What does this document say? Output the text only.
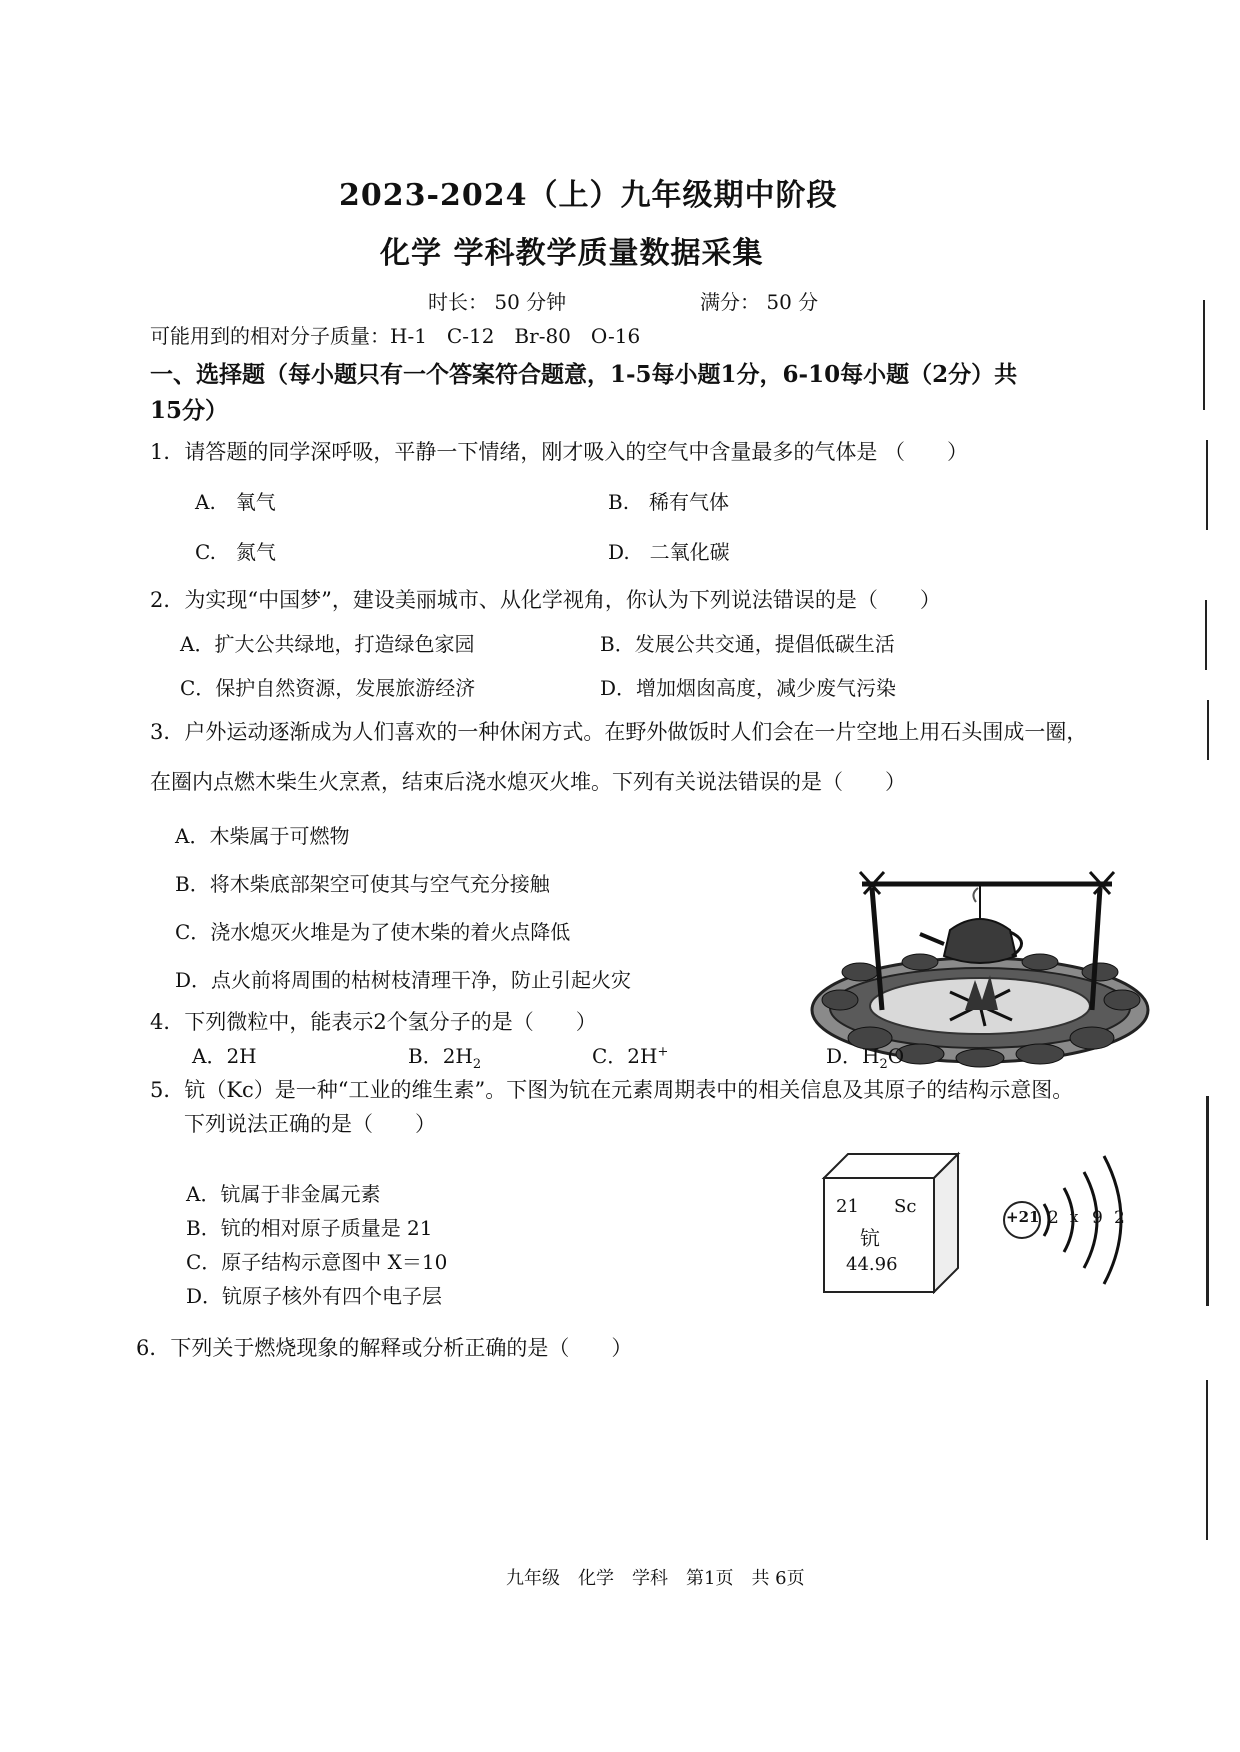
2023-2024（上）九年级期中阶段
化学 学科教学质量数据采集
时长： 50 分钟	满分： 50 分
可能用到的相对分子质量：H-1　C-12　Br-80　O-16
一、选择题（每小题只有一个答案符合题意，1-5每小题1分，6-10每小题（2分）共
15分）
1．请答题的同学深呼吸，平静一下情绪，刚才吸入的空气中含量最多的气体是 （　　）
A.　氧气	B.　稀有气体
C.　氮气	D.　二氧化碳
2．为实现“中国梦”，建设美丽城市、从化学视角，你认为下列说法错误的是（　　）
A．扩大公共绿地，打造绿色家园	B．发展公共交通，提倡低碳生活
C．保护自然资源，发展旅游经济	D．增加烟囱高度，减少废气污染
3．户外运动逐渐成为人们喜欢的一种休闲方式。在野外做饭时人们会在一片空地上用石头围成一圈，
在圈内点燃木柴生火烹煮，结束后浇水熄灭火堆。下列有关说法错误的是（　　）
A．木柴属于可燃物
B．将木柴底部架空可使其与空气充分接触
C．浇水熄灭火堆是为了使木柴的着火点降低
D．点火前将周围的枯树枝清理干净，防止引起火灾
4．下列微粒中，能表示2个氢分子的是（　　）
A．2H	B．$2H_2$	C．2H+	D．$H_2O$
5．钪（Kc）是一种“工业的维生素”。下图为钪在元素周期表中的相关信息及其原子的结构示意图。
下列说法正确的是（　　）
A．钪属于非金属元素
B．钪的相对原子质量是 21
C．原子结构示意图中 X＝10
D．钪原子核外有四个电子层
21 Sc
钪
44.96
+21 2 x 9 2
6．下列关于燃烧现象的解释或分析正确的是（　　）
九年级　化学　学科　第1页　共 6页
